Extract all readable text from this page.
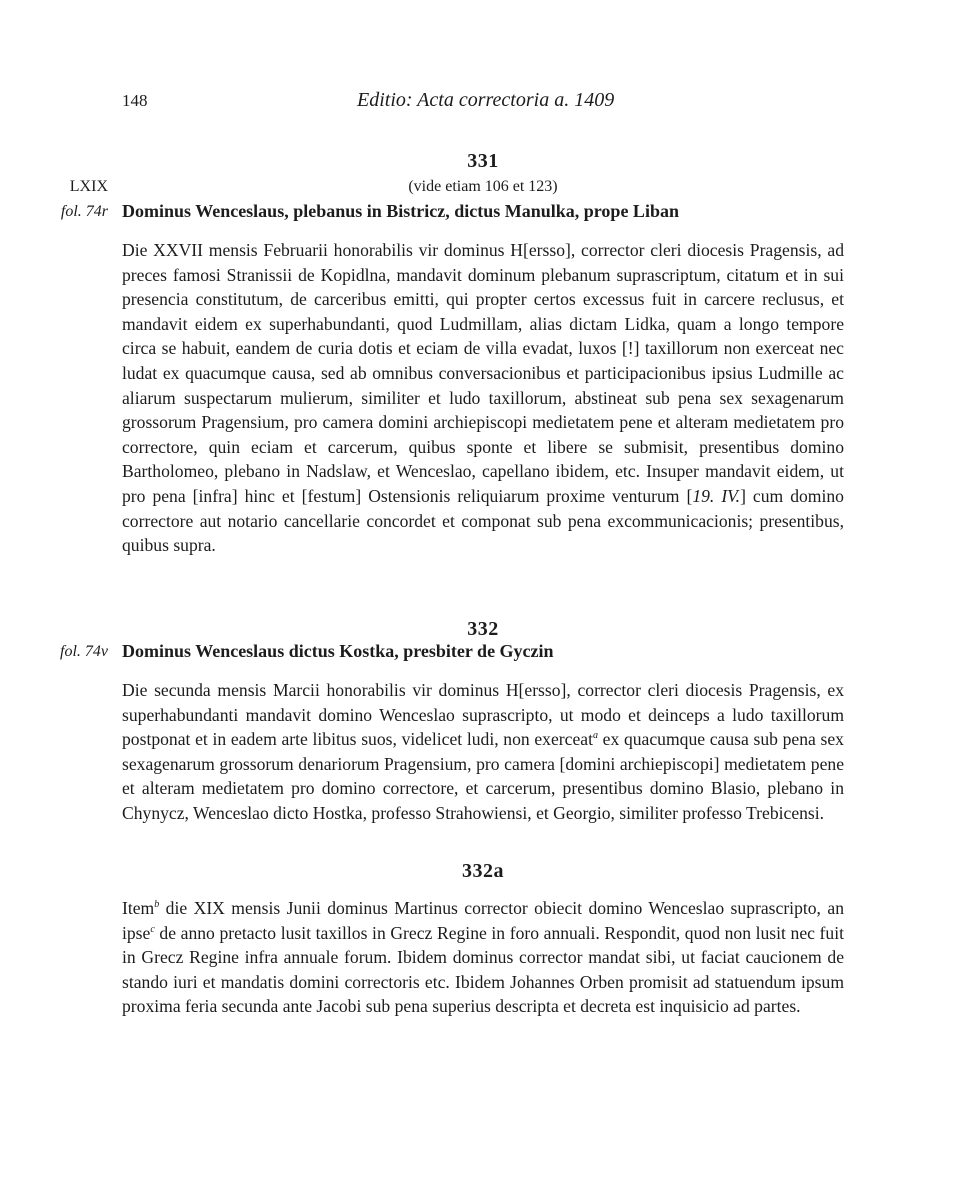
148	Editio: Acta correctoria a. 1409
331
LXIX	(vide etiam 106 et 123)
fol. 74r Dominus Wenceslaus, plebanus in Bistricz, dictus Manulka, prope Liban

Die XXVII mensis Februarii honorabilis vir dominus H[ersso], corrector cleri diocesis Pragensis, ad preces famosi Stranissii de Kopidlna, mandavit dominum plebanum suprascriptum, citatum et in sui presencia constitutum, de carceribus emitti, qui propter certos excessus fuit in carcere reclusus, et mandavit eidem ex superhabundanti, quod Ludmillam, alias dictam Lidka, quam a longo tempore circa se habuit, eandem de curia dotis et eciam de villa evadat, luxos [!] taxillorum non exerceat nec ludat ex quacumque causa, sed ab omnibus conversacionibus et participacionibus ipsius Ludmille ac aliarum suspectarum mulierum, similiter et ludo taxillorum, abstineat sub pena sex sexagenarum grossorum Pragensium, pro camera domini archiepiscopi medietatem pene et alteram medietatem pro correctore, quin eciam et carcerum, quibus sponte et libere se submisit, presentibus domino Bartholomeo, plebano in Nadslaw, et Wenceslao, capellano ibidem, etc. Insuper mandavit eidem, ut pro pena [infra] hinc et [festum] Ostensionis reliquiarum proxime venturum [19. IV.] cum domino correctore aut notario cancellarie concordet et componat sub pena excommunicacionis; presentibus, quibus supra.

332
fol. 74v Dominus Wenceslaus dictus Kostka, presbiter de Gyczin

Die secunda mensis Marcii honorabilis vir dominus H[ersso], corrector cleri diocesis Pragensis, ex superhabundanti mandavit domino Wenceslao suprascripto, ut modo et deinceps a ludo taxillorum postponat et in eadem arte libitus suos, videlicet ludi, non exerceat$^a$ ex quacumque causa sub pena sex sexagenarum grossorum denariorum Pragensium, pro camera [domini archiepiscopi] medietatem pene et alteram medietatem pro domino correctore, et carcerum, presentibus domino Blasio, plebano in Chynycz, Wenceslao dicto Hostka, professo Strahowiensi, et Georgio, similiter professo Trebicensi.

332a

Item$^b$ die XIX mensis Junii dominus Martinus corrector obiecit domino Wenceslao suprascripto, an ipse$^c$ de anno pretacto lusit taxillos in Grecz Regine in foro annuali. Respondit, quod non lusit nec fuit in Grecz Regine infra annuale forum. Ibidem dominus corrector mandat sibi, ut faciat caucionem de stando iuri et mandatis domini correctoris etc. Ibidem Johannes Orben promisit ad statuendum ipsum proxima feria secunda ante Jacobi sub pena superius descripta et decreta est inquisicio ad partes.
